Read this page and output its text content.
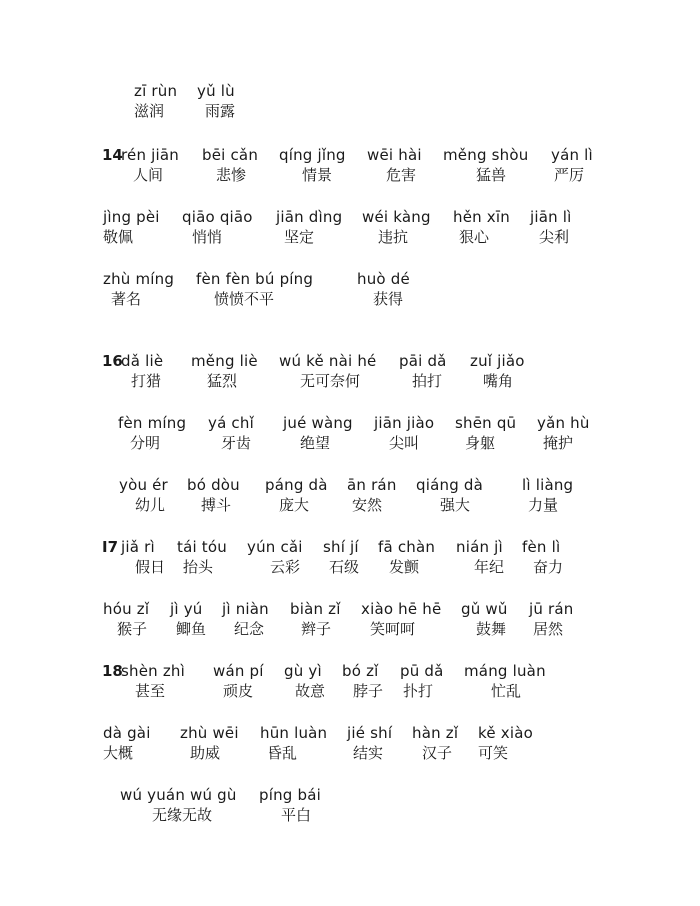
zī rùn
滋润
yǔ lù
雨露
14
rén jiān
人间
bēi cǎn
悲惨
qíng jǐng
情景
wēi hài
危害
měng shòu
猛兽
yán lì
严厉
jìng pèi
敬佩
qiāo qiāo
悄悄
jiān dìng
坚定
wéi kàng
违抗
hěn xīn
狠心
jiān lì
尖利
zhù míng
著名
fèn fèn bú píng
愤愤不平
huò dé
获得
16
dǎ liè
打猎
měng liè
猛烈
wú kě nài hé
无可奈何
pāi dǎ
拍打
zuǐ jiǎo
嘴角
fèn míng
分明
yá chǐ
牙齿
jué wàng
绝望
jiān jiào
尖叫
shēn qū
身躯
yǎn hù
掩护
yòu ér
幼儿
bó dòu
搏斗
páng dà
庞大
ān rán
安然
qiáng dà
强大
lì liàng
力量
I7 jiǎ rì
假日
tái tóu
抬头
yún cǎi
云彩
shí jí
石级
fā chàn
发颤
nián jì
年纪
fèn lì
奋力
hóu zǐ
猴子
jì yú
鲫鱼
jì niàn
纪念
biàn zǐ
辫子
xiào hē hē
笑呵呵
gǔ wǔ
鼓舞
jū rán
居然
18
shèn zhì
甚至
wán pí
顽皮
gù yì
故意
bó zǐ
脖子
pū dǎ
扑打
máng luàn
忙乱
dà gài
大概
zhù wēi
助威
hūn luàn
昏乱
jié shí
结实
hàn zǐ
汉子
kě xiào
可笑
wú yuán wú gù
无缘无故
píng bái
平白
